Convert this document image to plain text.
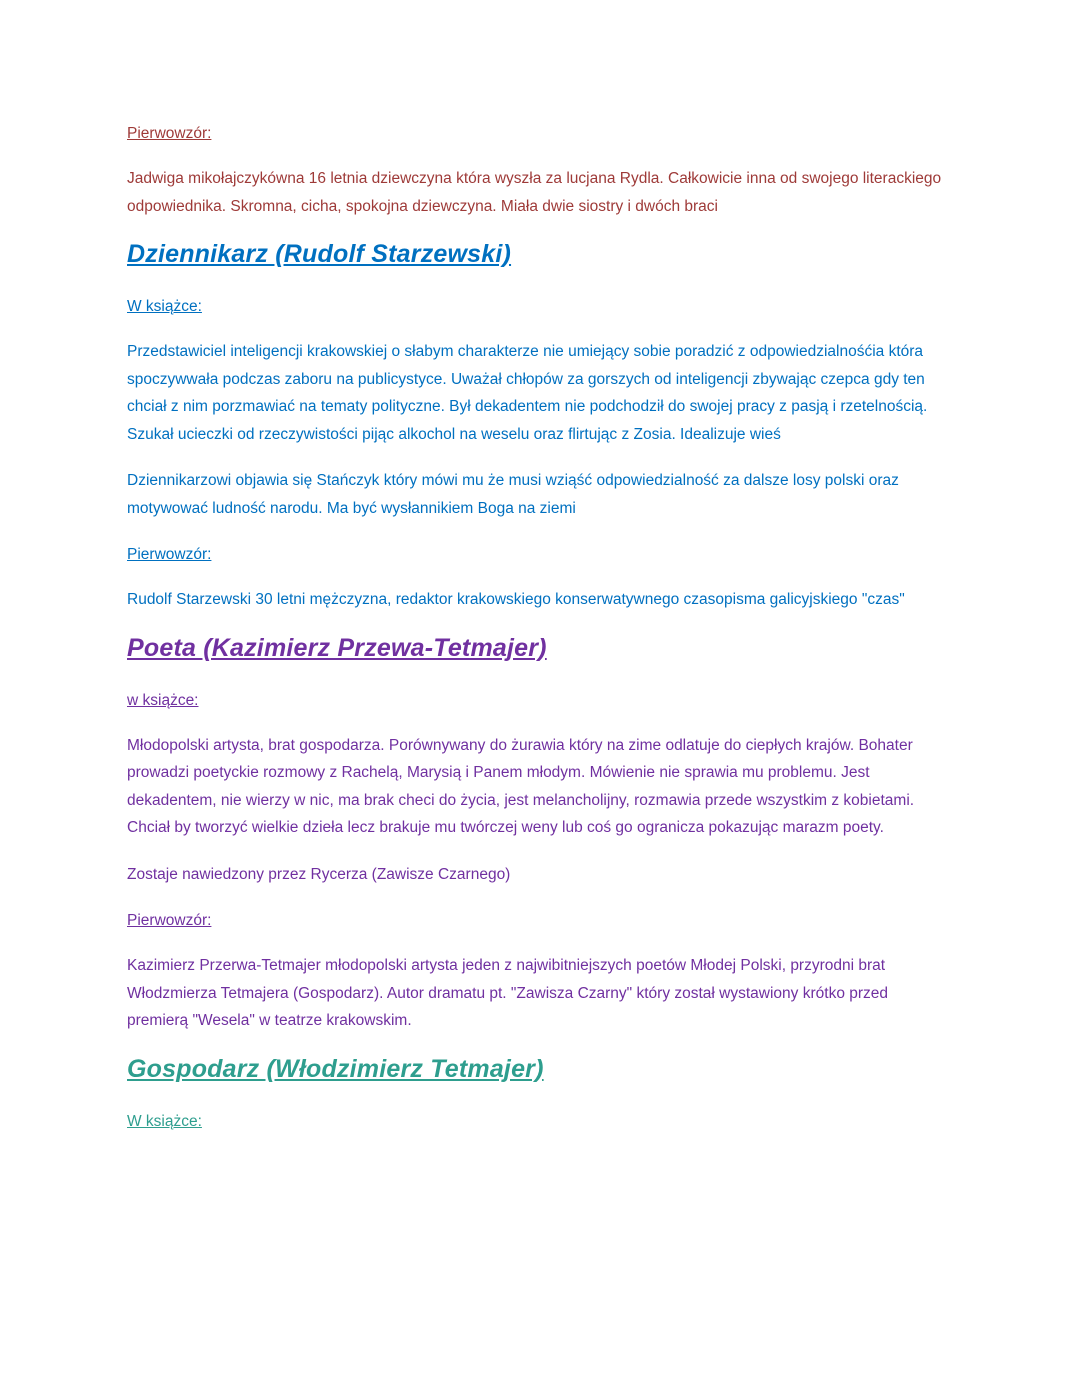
Pierwowzór:

Jadwiga mikołajczykówna 16 letnia dziewczyna która wyszła za lucjana Rydla. Całkowicie inna od swojego literackiego odpowiednika. Skromna, cicha, spokojna dziewczyna. Miała dwie siostry i dwóch braci

Dziennikarz (Rudolf Starzewski)

W książce:

Przedstawiciel inteligencji krakowskiej o słabym charakterze nie umiejący sobie poradzić z odpowiedzialnośćia która spoczywwała podczas zaboru na publicystyce. Uważał chłopów za gorszych od inteligencji zbywając czepca gdy ten chciał z nim porzmawiać na tematy polityczne. Był dekadentem nie podchodził do swojej pracy z pasją i rzetelnością. Szukał ucieczki od rzeczywistości pijąc alkochol na weselu oraz flirtując z Zosia. Idealizuje wieś

Dziennikarzowi objawia się Stańczyk który mówi mu że musi wziąść odpowiedzialność za dalsze losy polski oraz motywować ludność narodu. Ma być wysłannikiem Boga na ziemi

Pierwowzór:

Rudolf Starzewski 30 letni mężczyzna, redaktor krakowskiego konserwatywnego czasopisma galicyjskiego "czas"

Poeta (Kazimierz Przewa-Tetmajer)

w książce:

Młodopolski artysta, brat gospodarza. Porównywany do żurawia który na zime odlatuje do ciepłych krajów. Bohater prowadzi poetyckie rozmowy z Rachelą, Marysią i Panem młodym. Mówienie nie sprawia mu problemu. Jest dekadentem, nie wierzy w nic, ma brak checi do życia, jest melancholijny, rozmawia przede wszystkim z kobietami. Chciał by tworzyć wielkie dzieła lecz brakuje mu twórczej weny lub coś go ogranicza pokazując marazm poety.

Zostaje nawiedzony przez Rycerza (Zawisze Czarnego)

Pierwowzór:

Kazimierz Przerwa-Tetmajer młodopolski artysta jeden z najwibitniejszych poetów Młodej Polski, przyrodni brat Włodzmierza Tetmajera (Gospodarz). Autor dramatu pt. "Zawisza Czarny" który został wystawiony krótko przed premierą "Wesela" w teatrze krakowskim.

Gospodarz (Włodzimierz Tetmajer)

W książce:
